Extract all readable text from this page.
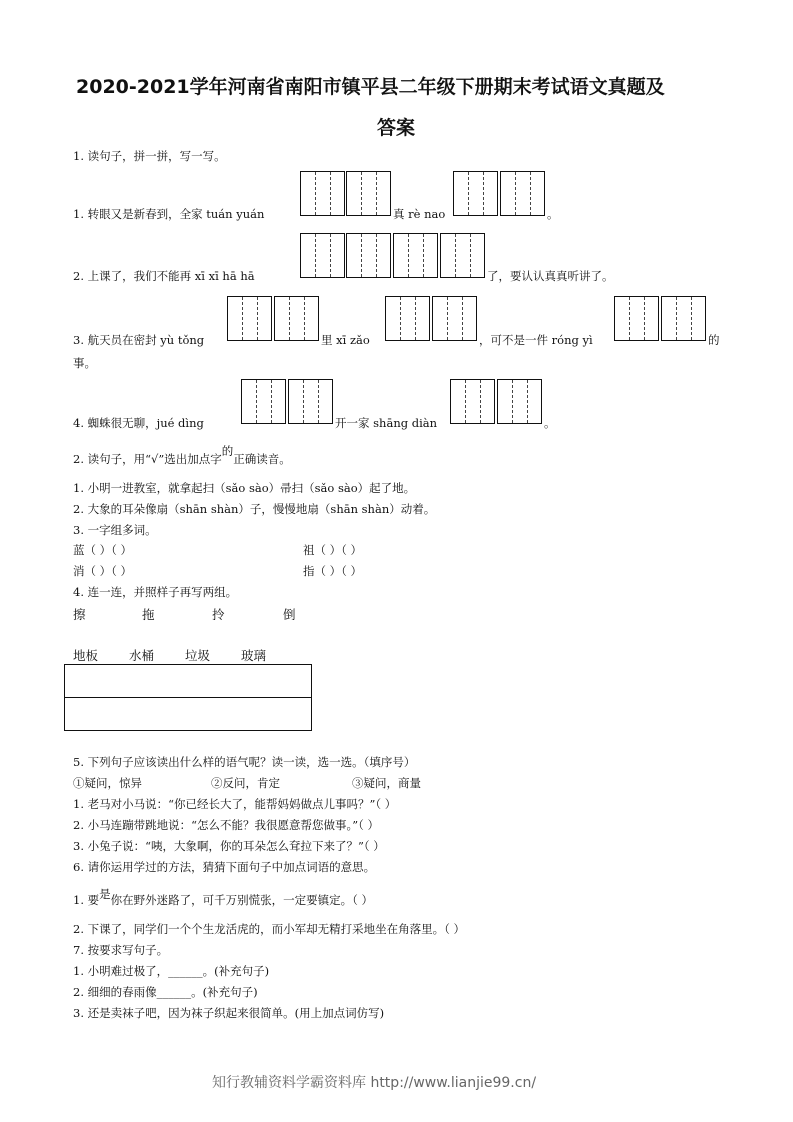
2020-2021学年河南省南阳市镇平县二年级下册期末考试语文真题及
答案
1. 读句子，拼一拼，写一写。
1. 转眼又是新春到，全家 tuán yuán	真 rè nao	。
2. 上课了，我们不能再 xī xī hā hā	了，要认认真真听讲了。
3. 航天员在密封 yù tǒng	里 xī zǎo	，可不是一件 róng yì	的
事。
4. 蜘蛛很无聊，jué dìng	开一家 shāng diàn	。
2. 读句子，用“√”选出加点字的正确读音。
1. 小明一进教室，就拿起扫（sǎo sào）帚扫（sǎo sào）起了地。
2. 大象的耳朵像扇（shān shàn）子，慢慢地扇（shān shàn）动着。
3. 一字组多词。
蓝（ ）（ ）	祖（ ）（ ）
消（ ）（ ）	指（ ）（ ）
4. 连一连，并照样子再写两组。
擦	拖	拎	倒
地板 水桶 垃圾 玻璃
5. 下列句子应该读出什么样的语气呢？读一读，选一选。（填序号）
①疑问，惊异	②反问，肯定	③疑问，商量
1. 老马对小马说：“你已经长大了，能帮妈妈做点儿事吗？”（ ）
2. 小马连蹦带跳地说：“怎么不能？我很愿意帮您做事。”（ ）
3. 小兔子说：“咦，大象啊，你的耳朵怎么耷拉下来了？”（ ）
6. 请你运用学过的方法，猜猜下面句子中加点词语的意思。
1. 要是你在野外迷路了，可千万别慌张，一定要镇定。（ ）
2. 下课了，同学们一个个生龙活虎的，而小军却无精打采地坐在角落里。（ ）
7. 按要求写句子。
1. 小明难过极了，______。(补充句子)
2. 细细的春雨像______。(补充句子)
3. 还是卖袜子吧，因为袜子织起来很简单。(用上加点词仿写)
知行教辅资料学霸资料库 http://www.lianjie99.cn/
